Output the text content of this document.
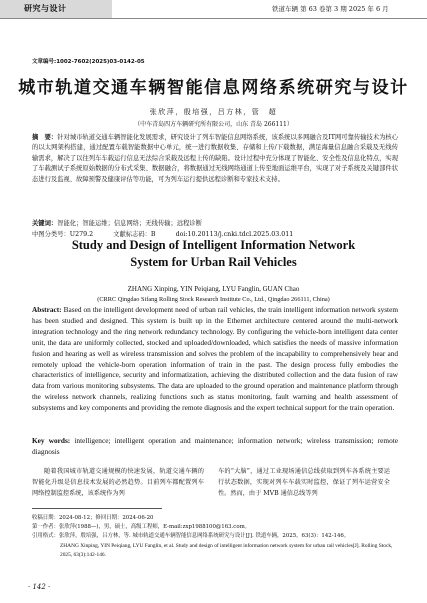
研究与设计	铁道车辆 第 63 卷第 3 期 2025 年 6 月
文章编号:1002-7602(2025)03-0142-05
城市轨道交通车辆智能信息网络系统研究与设计
张欣萍，殷培强，吕方林，管　超
（中车青岛四方车辆研究所有限公司，山东 青岛 266111）
摘　要：针对城市轨道交通车辆智能化发展需求，研究设计了列车智能信息网络系统，该系统以多网融合及IT网可靠传输技术为核心的以太网架构搭建，通过配置车载智能数据中心单元，统一进行数据收集、存储和上传/下载数据，满足海量信息融合采载及无线传输需求，解决了以往列车车载运行信息无法综合采载及远程上传的缺陷。设计过程中充分体现了智能化、安全性及信息化特点，实现了车载测试子系统原始数据的分布式采集、数据融合，将数据通过无线网络通道上传至地面运维平台，实现了对子系统及关键部件状态进行及监视、故障预警及健康评估等功能，可为列车运行提供远程诊断和专家技术支持。
关键词：智能化；智能运维；信息网络；无线传输；远程诊断
中图分类号：U279.2	文献标志码：B	doi:10.20113/j.cnki.tdcl.2025.03.011
Study and Design of Intelligent Information Network
System for Urban Rail Vehicles
ZHANG Xinping, YIN Peiqiang, LYU Fanglin, GUAN Chao
(CRRC Qingdao Sifang Rolling Stock Research Institute Co., Ltd., Qingdao 266111, China)
Abstract: Based on the intelligent development need of urban rail vehicles, the train intelligent information network system has been studied and designed. This system is built up in the Ethernet architecture centered around the multi-network integration technology and the ring network redundancy technology. By configuring the vehicle-born intelligent data center unit, the data are uniformly collected, stocked and uploaded/downloaded, which satisfies the needs of massive information fusion and hearing as well as wireless transmission and solves the problem of the incapability to comprehensively hear and remotely upload the vehicle-born operation information of train in the past. The design process fully embodies the characteristics of intelligence, security and informatization, achieving the distributed collection and the data fusion of raw data from various monitoring subsystems. The data are uploaded to the ground operation and maintenance platform through the wireless network channels, realizing functions such as status monitoring, fault warning and health assessment of subsystems and key components and providing the remote diagnosis and the expert technical support for the train operation.
Key words: intelligence; intelligent operation and maintenance; information network; wireless transmission; remote diagnosis
随着我国城市轨道交通规模的快速发展，轨道交通车辆的智能化升级是信息技术发展的必然趋势。目前列车都配置列车网络控制监控系统，该系统作为列
车的“大脑”，通过工业现场通信总线获取到列车各系统主要运行状态数据，实现对列车车载实时监控，保证了列车运营安全性。然而，由于 MVB 通信总线等列
收稿日期：2024-08-12；修回日期：2024-06-20
第一作者：张欣萍(1988—)，男，硕士，高级工程师，E-mail:zxp1988100@163.com。
引用格式：张欣萍，殷培强，吕方林，等. 城市轨道交通车辆智能信息网络系统研究与设计[J]. 铁道车辆，2025，63(3)：142-146。
ZHANG Xinping, YIN Peiqiang, LYU Fanglin, et al. Study and design of intelligent information network system for urban rail vehicles[J]. Rolling Stock, 2025, 63(3):142-146.
· 142 ·
